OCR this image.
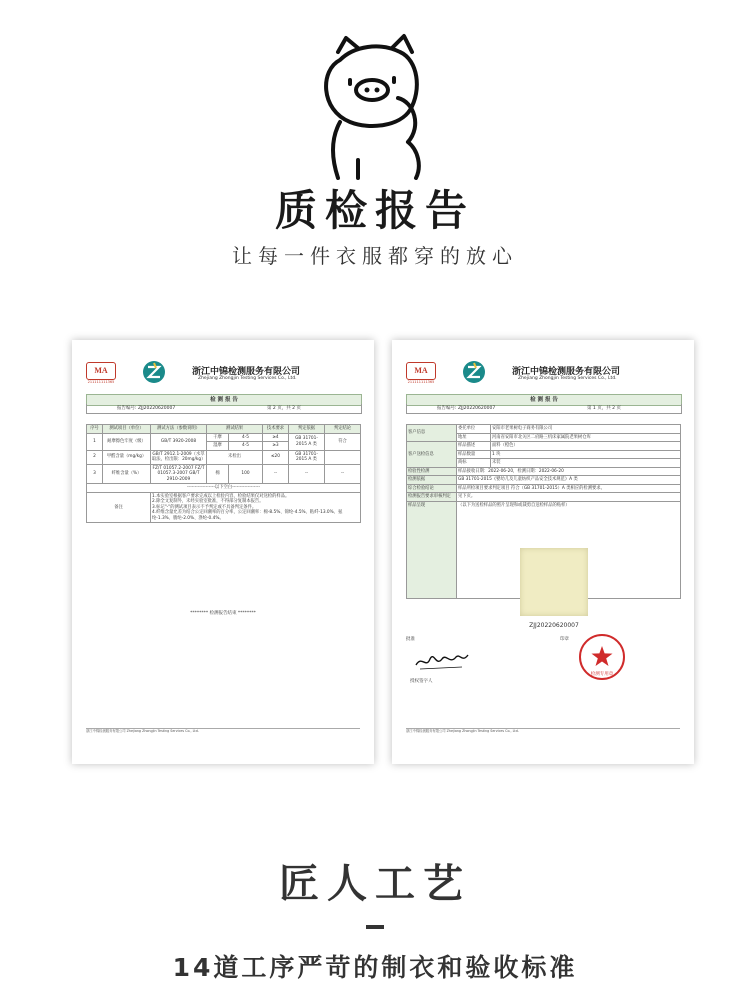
质检报告
让每一件衣服都穿的放心
MA
211111111365
浙江中锦检测服务有限公司
Zhejiang Zhongjin Testing Services Co., Ltd.
检 测 报 告
报告编号: ZJJ20220620007	第 2 页，共 2 页
序号	测试项目（单位）	测试方法（参数说明）	测试结果		技术要求	判定依据	判定结论
1	耐摩擦色牢度（级）	GB/T 3920-2008	干摩	4-5	≥4	GB 31701-2015 A 类	符合
			湿摩	4-5	≥3		
2	甲醛含量（mg/kg）	GB/T 2912.1-2009（水萃取法，检出限：20mg/kg）	未检出		≤20	GB 31701-2015 A 类	
3	纤维含量（%）	FZ/T 01057.2-2007 FZ/T 01057.3-2007 GB/T 2910-2009	棉	100	--	--	--
------------------以下空白------------------							
备注		1.本实验室根据客户要求完成以上检验内容，检验结果仅对送检的样品。
2.除全文复制外，未经实验室批准，不得部分复制本报告。
3.标记"-"的测试项目表示不予判定或不具备判定条件。
4.纤维含量允差为结合公定回潮率的百分率，公定回潮率：棉-8.5%、锦纶-4.5%、粘纤-13.0%、氨纶-1.3%、腈纶-2.0%、涤纶-0.4%。					
******** 检测报告结束 ********
浙江中锦检测服务有限公司 Zhejiang Zhongjin Testing Services Co., Ltd.
MA
211111111365
浙江中锦检测服务有限公司
Zhejiang Zhongjin Testing Services Co., Ltd.
检 测 报 告
报告编号: ZJJ20220620007	第 1 页，共 2 页
客户信息	委托单位	安阳市老果树电子商务有限公司
	地址	河南省安阳市北关区二府路三机床家属院老果树仓库
客户送检信息	样品描述	面料（橙色）
	样品数量	1 块
	商标	未装
检验性检测	样品接收日期：2022-06-20，检测日期：2022-06-20	
检测依据	GB 31701-2015《婴幼儿及儿童纺织产品安全技术规范》A 类	
综合检验结论	样品所检项目要求判定项目 符合（GB 31701-2015）A 类相应的检测要求。	
检测报告要求审核判定	见下页。	
样品呈现	（以下为送检样品的照片呈现和或裁剪自送检样品的贴样）	
ZJJ20220620007
批准
授权签字人
印章
检测专用章
浙江中锦检测服务有限公司 Zhejiang Zhongjin Testing Services Co., Ltd.
匠人工艺
14道工序严苛的制衣和验收标准
